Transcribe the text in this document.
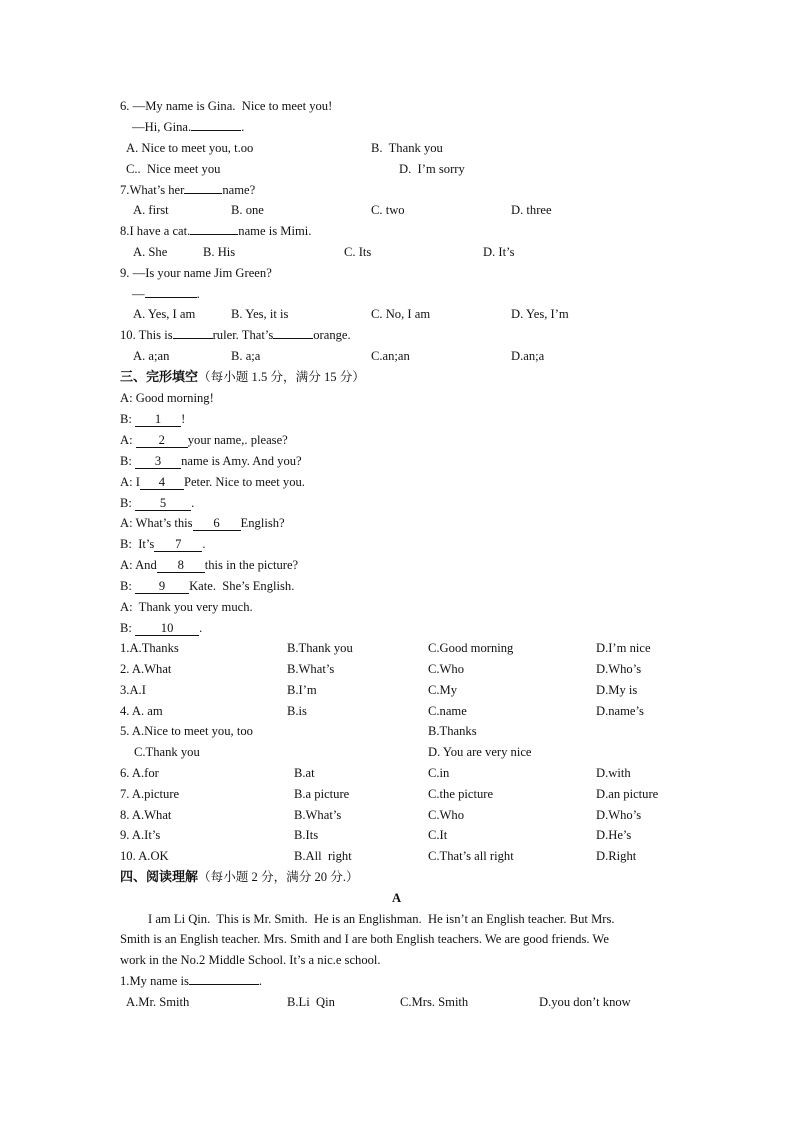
6. —My name is Gina.  Nice to meet you!
—Hi, Gina.	.
A. Nice to meet you, t.oo	B.  Thank you
C..  Nice meet you	D.  I’m sorry
7.What’s her	name?
A. first	B. one	C. two	D. three
8.I have a cat.	name is Mimi.
A. She	B. His	C. Its	D. It’s
9. —Is your name Jim Green?
—	.
A. Yes, I am	B. Yes, it is	C. No, I am	D. Yes, I’m
10. This is	ruler. That’s	orange.
A. a;an	B. a;a	C.an;an	D.an;a
三、完形填空（每小题 1.5 分，满分 15 分）
A: Good morning!
B: 1 !
A: 2 your name,. please?
B: 3 name is Amy. And you?
A: I 4 Peter. Nice to meet you.
B: 5 .
A: What’s this 6 English?
B:  It’s 7 .
A: And 8 this in the picture?
B: 9 Kate.  She’s English.
A:  Thank you very much.
B: 10 .
1.A.Thanks	B.Thank you	C.Good morning	D.I’m nice
2. A.What	B.What’s	C.Who	D.Who’s
3.A.I	B.I’m	C.My	D.My is
4. A. am	B.is	C.name	D.name’s
5. A.Nice to meet you, too	B.Thanks
C.Thank you	D. You are very nice
6. A.for	B.at	C.in	D.with
7. A.picture	B.a picture	C.the picture	D.an picture
8. A.What	B.What’s	C.Who	D.Who’s
9. A.It’s	B.Its	C.It	D.He’s
10. A.OK	B.All  right	C.That’s all right	D.Right
四、阅读理解（每小题 2 分，满分 20 分.）
A
I am Li Qin.  This is Mr. Smith.  He is an Englishman.  He isn’t an English teacher. But Mrs.
Smith is an English teacher. Mrs. Smith and I are both English teachers. We are good friends. We
work in the No.2 Middle School. It’s a nic.e school.
1.My name is	.
A.Mr. Smith	B.Li  Qin	C.Mrs. Smith	D.you don’t know
